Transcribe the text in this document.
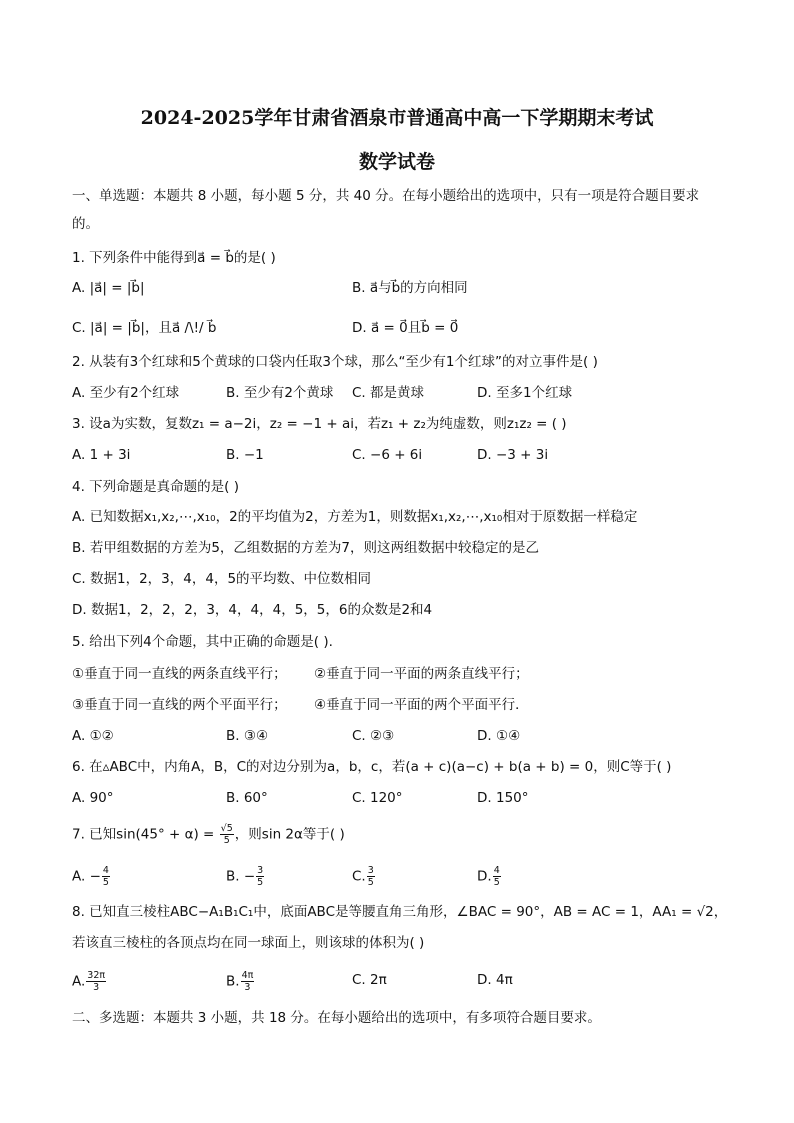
2024-2025学年甘肃省酒泉市普通高中高一下学期期末考试
数学试卷
一、单选题：本题共 8 小题，每小题 5 分，共 40 分。在每小题给出的选项中，只有一项是符合题目要求
的。
1. 下列条件中能得到a⃗ = b⃗的是( )
A. |a⃗| = |b⃗|	B. a⃗与b⃗的方向相同
C. |a⃗| = |b⃗|，且a⃗ /\!/ b⃗	D. a⃗ = 0⃗且b⃗ = 0⃗
2. 从装有3个红球和5个黄球的口袋内任取3个球，那么“至少有1个红球”的对立事件是( )
A. 至少有2个红球	B. 至少有2个黄球 C. 都是黄球	D. 至多1个红球
3. 设a为实数，复数z₁ = a−2i，z₂ = −1 + ai，若z₁ + z₂为纯虚数，则z₁z₂ = ( )
A. 1 + 3i	B. −1	C. −6 + 6i	D. −3 + 3i
4. 下列命题是真命题的是( )
A. 已知数据x₁,x₂,⋯,x₁₀，2的平均值为2，方差为1，则数据x₁,x₂,⋯,x₁₀相对于原数据一样稳定
B. 若甲组数据的方差为5，乙组数据的方差为7，则这两组数据中较稳定的是乙
C. 数据1，2，3，4，4，5的平均数、中位数相同
D. 数据1，2，2，2，3，4，4，4，5，5，6的众数是2和4
5. 给出下列4个命题，其中正确的命题是( ).
①垂直于同一直线的两条直线平行； ②垂直于同一平面的两条直线平行；
③垂直于同一直线的两个平面平行； ④垂直于同一平面的两个平面平行．
A. ①②	B. ③④	C. ②③	D. ①④
6. 在▵ABC中，内角A，B，C的对边分别为a，b，c，若(a + c)(a−c) + b(a + b) = 0，则C等于( )
A. 90°	B. 60°	C. 120°	D. 150°
7. 已知$\sin(45^\circ + \alpha) = \frac{√5}{5}$ ，则sin 2α等于( )
A. − $\frac{4}{5}$	B. − $\frac{3}{5}$	C. $\frac{3}{5}$	D. $\frac{4}{5}$
8. 已知直三棱柱ABC−A₁B₁C₁中，底面ABC是等腰直角三角形，∠BAC = 90°，AB = AC = 1，AA₁ = √2，
若该直三棱柱的各顶点均在同一球面上，则该球的体积为( )
A. $\frac{32\pi}{3}$	B. $\frac{4\pi}{3}$	C. 2π	D. 4π
二、多选题：本题共 3 小题，共 18 分。在每小题给出的选项中，有多项符合题目要求。
